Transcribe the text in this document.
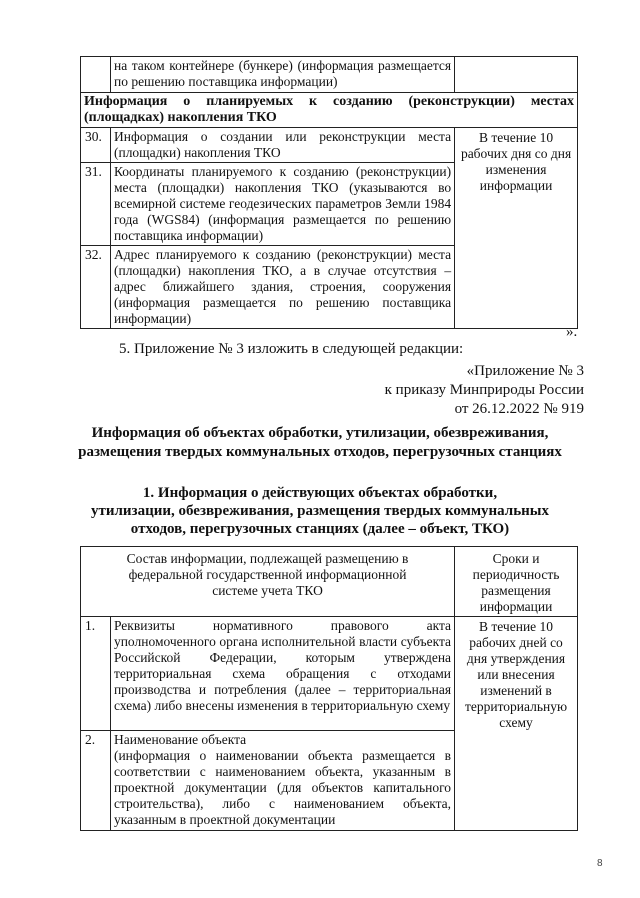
	на таком контейнере (бункере) (информация размещается по решению поставщика информации)	
Информация о планируемых к созданию (реконструкции) местах (площадках) накопления ТКО		
30.	Информация о создании или реконструкции места (площадки) накопления ТКО	В течение 10 рабочих дня со дня изменения информации
31.	Координаты планируемого к созданию (реконструкции) места (площадки) накопления ТКО (указываются во всемирной системе геодезических параметров Земли 1984 года (WGS84) (информация размещается по решению поставщика информации)	
32.	Адрес планируемого к созданию (реконструкции) места (площадки) накопления ТКО, а в случае отсутствия – адрес ближайшего здания, строения, сооружения (информация размещается по решению поставщика информации)	
».
5. Приложение № 3 изложить в следующей редакции:

«Приложение № 3

к приказу Минприроды России

от 26.12.2022 № 919

Информация об объектах обработки, утилизации, обезвреживания,

размещения твердых коммунальных отходов, перегрузочных станциях

1. Информация о действующих объектах обработки,

утилизации, обезвреживания, размещения твердых коммунальных

отходов, перегрузочных станциях (далее – объект, ТКО)

Состав информации, подлежащей размещению в федеральной государственной информационной системе учета ТКО		Сроки и периодичность размещения информации
1.	Реквизиты нормативного правового акта уполномоченного органа исполнительной власти субъекта Российской Федерации, которым утверждена территориальная схема обращения с отходами производства и потребления (далее – территориальная схема) либо внесены изменения в территориальную схему	В течение 10 рабочих дней со дня утверждения или внесения изменений в территориальную схему
2.	Наименование объекта
(информация о наименовании объекта размещается в соответствии с наименованием объекта, указанным в проектной документации (для объектов капитального строительства), либо с наименованием объекта, указанным в проектной документации	
8
